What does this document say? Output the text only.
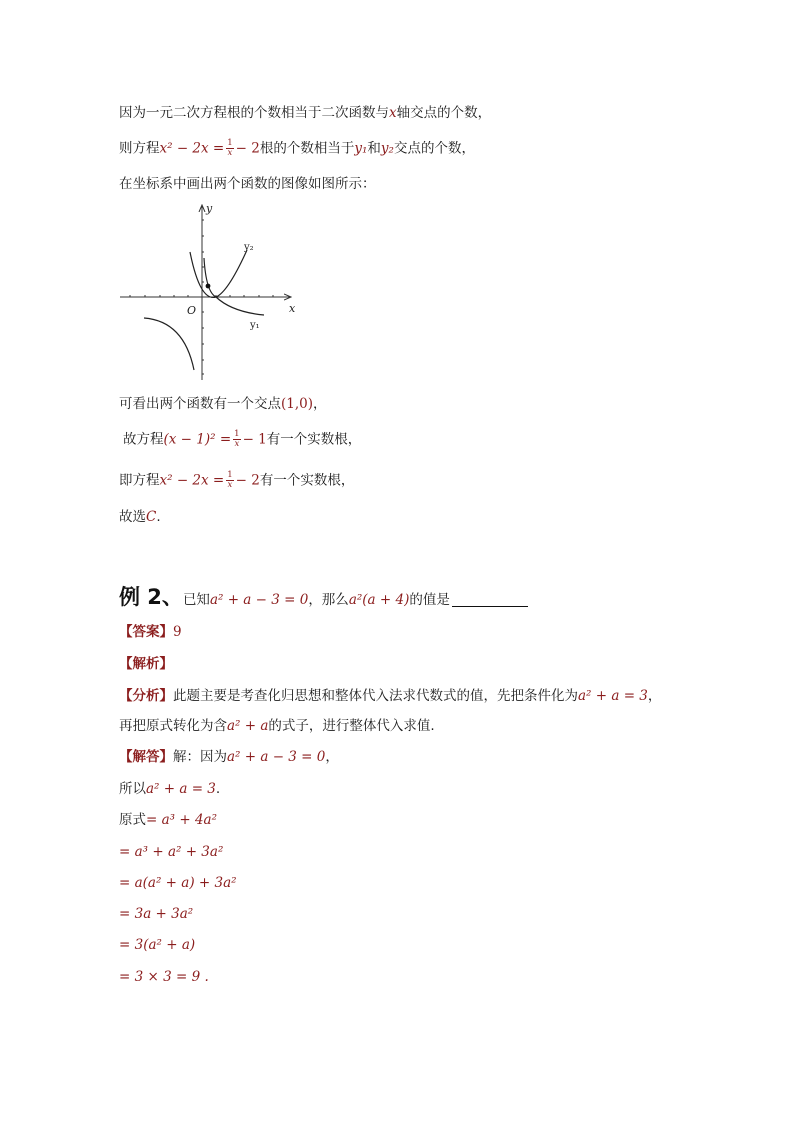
因为一元二次方程根的个数相当于二次函数与x轴交点的个数，
则方程$x^2 - 2x = \frac{1}{x} - 2$根的个数相当于y₁和y₂交点的个数，
在坐标系中画出两个函数的图像如图所示：
x
y
O
y₂
y₁
可看出两个函数有一个交点(1,0)，
故方程$(x - 1)^2 = \frac{1}{x} - 1$有一个实数根，
即方程$x^2 - 2x = \frac{1}{x} - 2$有一个实数根，
故选C.
例 2、已知a² + a − 3 = 0，那么a²(a + 4)的值是
【答案】9
【解析】
【分析】此题主要是考查化归思想和整体代入法求代数式的值，先把条件化为a² + a = 3，
再把原式转化为含a² + a的式子，进行整体代入求值.
【解答】解：因为a² + a − 3 = 0，
所以a² + a = 3.
原式= a³ + 4a²
= a³ + a² + 3a²
= a(a² + a) + 3a²
= 3a + 3a²
= 3(a² + a)
= 3 × 3 = 9 .
